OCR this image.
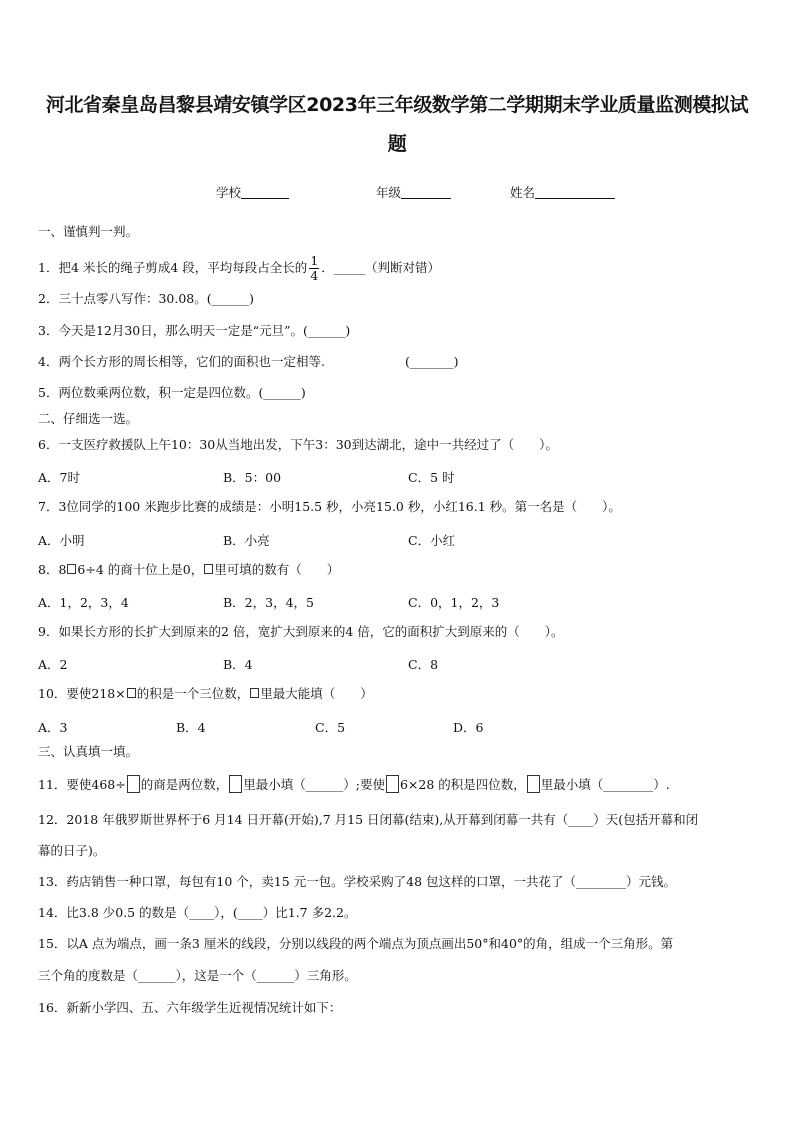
河北省秦皇岛昌黎县靖安镇学区2023年三年级数学第二学期期末学业质量监测模拟试
题
学校	年级	姓名
一、谨慎判一判。
1．把4 米长的绳子剪成4 段，平均每段占全长的 $\frac{1}{4}$ ．_____（判断对错）
2．三十点零八写作：30.08。(______)
3．今天是12月30日，那么明天一定是“元旦”。(______)
4．两个长方形的周长相等，它们的面积也一定相等.	(_______)
5．两位数乘两位数，积一定是四位数。(______)
二、仔细选一选。
6．一支医疗救援队上午10：30从当地出发，下午3：30到达湖北，途中一共经过了（　　）。
A．7时	B．5：00	C．5 时
7．3位同学的100 米跑步比赛的成绩是：小明15.5 秒，小亮15.0 秒，小红16.1 秒。第一名是（　　）。
A．小明	B．小亮	C．小红
8．8 6÷4 的商十位上是0， 里可填的数有（　　）
A．1，2，3，4	B．2，3，4，5	C．0，1，2，3
9．如果长方形的长扩大到原来的2 倍，宽扩大到原来的4 倍，它的面积扩大到原来的（　　）。
A．2	B．4	C．8
10．要使218× 的积是一个三位数， 里最大能填（　　）
A．3	B．4	C．5	D．6
三、认真填一填。
11．要使468÷ 的商是两位数， 里最小填（______）;要使 6×28 的积是四位数， 里最小填（________）.
12．2018 年俄罗斯世界杯于6 月14 日开幕(开始),7 月15 日闭幕(结束),从开幕到闭幕一共有（____）天(包括开幕和闭
幕的日子)。
13．药店销售一种口罩，每包有10 个，卖15 元一包。学校采购了48 包这样的口罩，一共花了（________）元钱。
14．比3.8 少0.5 的数是（____），(____）比1.7 多2.2。
15．以A 点为端点，画一条3 厘米的线段，分别以线段的两个端点为顶点画出50°和40°的角，组成一个三角形。第
三个角的度数是（______），这是一个（______）三角形。
16．新新小学四、五、六年级学生近视情况统计如下：
